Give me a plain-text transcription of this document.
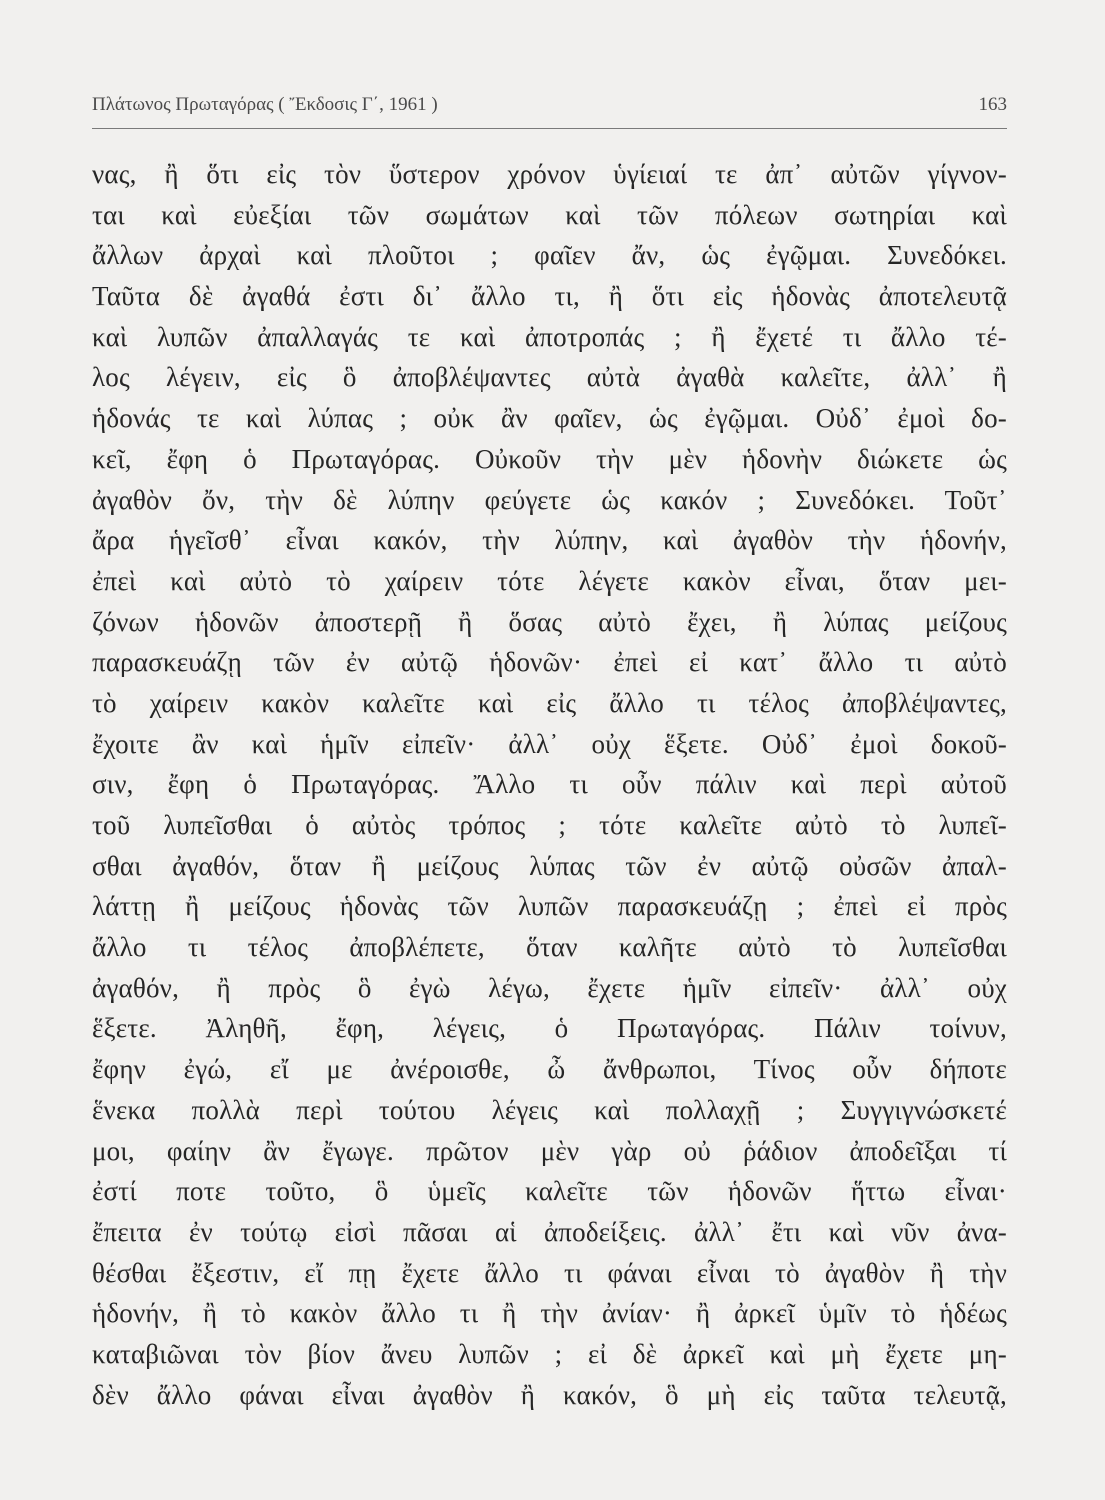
Πλάτωνος Πρωταγόρας ( Ἔκδοσις Γ΄, 1961 )	163
νας, ἢ ὅτι εἰς τὸν ὕστερον χρόνον ὑγίειαί τε ἀπ᾿ αὐτῶν γίγνον-
ται καὶ εὐεξίαι τῶν σωμάτων καὶ τῶν πόλεων σωτηρίαι καὶ
ἄλλων ἀρχαὶ καὶ πλοῦτοι ; φαῖεν ἄν, ὡς ἐγῷμαι. Συνεδόκει.
Ταῦτα δὲ ἀγαθά ἐστι δι᾿ ἄλλο τι, ἢ ὅτι εἰς ἡδονὰς ἀποτελευτᾷ
καὶ λυπῶν ἀπαλλαγάς τε καὶ ἀποτροπάς ; ἢ ἔχετέ τι ἄλλο τέ-
λος λέγειν, εἰς ὃ ἀποβλέψαντες αὐτὰ ἀγαθὰ καλεῖτε, ἀλλ᾿ ἢ
ἡδονάς τε καὶ λύπας ; οὐκ ἂν φαῖεν, ὡς ἐγῷμαι. Οὐδ᾿ ἐμοὶ δο-
κεῖ, ἔφη ὁ Πρωταγόρας. Οὐκοῦν τὴν μὲν ἡδονὴν διώκετε ὡς
ἀγαθὸν ὄν, τὴν δὲ λύπην φεύγετε ὡς κακόν ; Συνεδόκει. Τοῦτ᾿
ἄρα ἡγεῖσθ᾿ εἶναι κακόν, τὴν λύπην, καὶ ἀγαθὸν τὴν ἡδονήν,
ἐπεὶ καὶ αὐτὸ τὸ χαίρειν τότε λέγετε κακὸν εἶναι, ὅταν μει-
ζόνων ἡδονῶν ἀποστερῇ ἢ ὅσας αὐτὸ ἔχει, ἢ λύπας μείζους
παρασκευάζῃ τῶν ἐν αὐτῷ ἡδονῶν· ἐπεὶ εἰ κατ᾿ ἄλλο τι αὐτὸ
τὸ χαίρειν κακὸν καλεῖτε καὶ εἰς ἄλλο τι τέλος ἀποβλέψαντες,
ἔχοιτε ἂν καὶ ἡμῖν εἰπεῖν· ἀλλ᾿ οὐχ ἕξετε. Οὐδ᾿ ἐμοὶ δοκοῦ-
σιν, ἔφη ὁ Πρωταγόρας. Ἄλλο τι οὖν πάλιν καὶ περὶ αὐτοῦ
τοῦ λυπεῖσθαι ὁ αὐτὸς τρόπος ; τότε καλεῖτε αὐτὸ τὸ λυπεῖ-
σθαι ἀγαθόν, ὅταν ἢ μείζους λύπας τῶν ἐν αὐτῷ οὐσῶν ἀπαλ-
λάττῃ ἢ μείζους ἡδονὰς τῶν λυπῶν παρασκευάζῃ ; ἐπεὶ εἰ πρὸς
ἄλλο τι τέλος ἀποβλέπετε, ὅταν καλῆτε αὐτὸ τὸ λυπεῖσθαι
ἀγαθόν, ἢ πρὸς ὃ ἐγὼ λέγω, ἔχετε ἡμῖν εἰπεῖν· ἀλλ᾿ οὐχ
ἕξετε. Ἀληθῆ, ἔφη, λέγεις, ὁ Πρωταγόρας. Πάλιν τοίνυν,
ἔφην ἐγώ, εἴ με ἀνέροισθε, ὦ ἄνθρωποι, Τίνος οὖν δήποτε
ἕνεκα πολλὰ περὶ τούτου λέγεις καὶ πολλαχῇ ; Συγγιγνώσκετέ
μοι, φαίην ἂν ἔγωγε. πρῶτον μὲν γὰρ οὐ ῥάδιον ἀποδεῖξαι τί
ἐστί ποτε τοῦτο, ὃ ὑμεῖς καλεῖτε τῶν ἡδονῶν ἥττω εἶναι·
ἔπειτα ἐν τούτῳ εἰσὶ πᾶσαι αἱ ἀποδείξεις. ἀλλ᾿ ἔτι καὶ νῦν ἀνα-
θέσθαι ἔξεστιν, εἴ πῃ ἔχετε ἄλλο τι φάναι εἶναι τὸ ἀγαθὸν ἢ τὴν
ἡδονήν, ἢ τὸ κακὸν ἄλλο τι ἢ τὴν ἀνίαν· ἢ ἀρκεῖ ὑμῖν τὸ ἡδέως
καταβιῶναι τὸν βίον ἄνευ λυπῶν ; εἰ δὲ ἀρκεῖ καὶ μὴ ἔχετε μη-
δὲν ἄλλο φάναι εἶναι ἀγαθὸν ἢ κακόν, ὃ μὴ εἰς ταῦτα τελευτᾷ,
